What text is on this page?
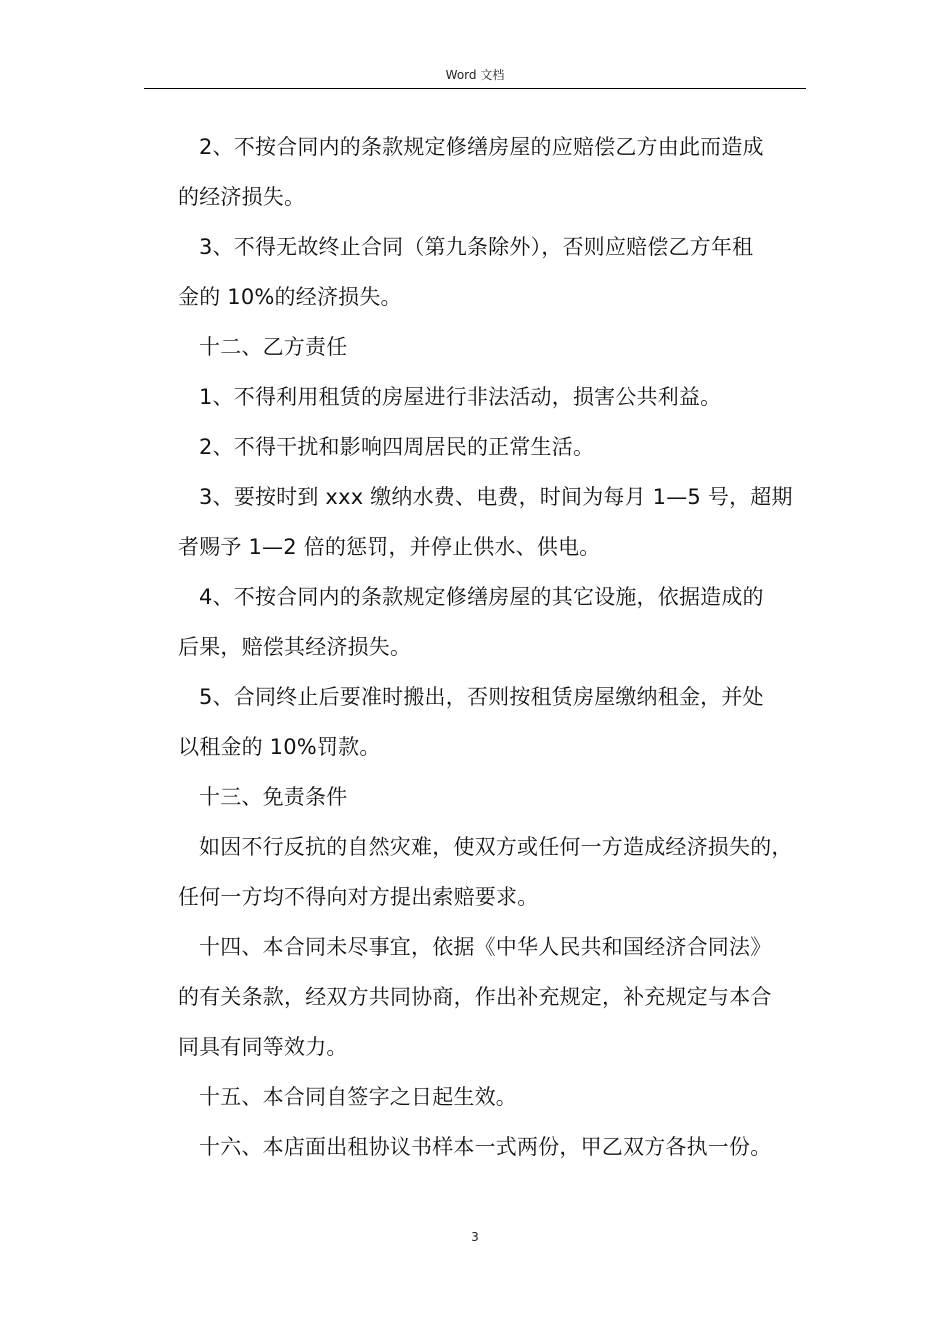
Word 文档
2、不按合同内的条款规定修缮房屋的应赔偿乙方由此而造成
的经济损失。
3、不得无故终止合同（第九条除外），否则应赔偿乙方年租
金的 10%的经济损失。
十二、乙方责任
1、不得利用租赁的房屋进行非法活动，损害公共利益。
2、不得干扰和影响四周居民的正常生活。
3、要按时到 xxx 缴纳水费、电费，时间为每月 1—5 号，超期
者赐予 1—2 倍的惩罚，并停止供水、供电。
4、不按合同内的条款规定修缮房屋的其它设施，依据造成的
后果，赔偿其经济损失。
5、合同终止后要准时搬出，否则按租赁房屋缴纳租金，并处
以租金的 10%罚款。
十三、免责条件
如因不行反抗的自然灾难，使双方或任何一方造成经济损失的，
任何一方均不得向对方提出索赔要求。
十四、本合同未尽事宜，依据《中华人民共和国经济合同法》
的有关条款，经双方共同协商，作出补充规定，补充规定与本合
同具有同等效力。
十五、本合同自签字之日起生效。
十六、本店面出租协议书样本一式两份，甲乙双方各执一份。
3
